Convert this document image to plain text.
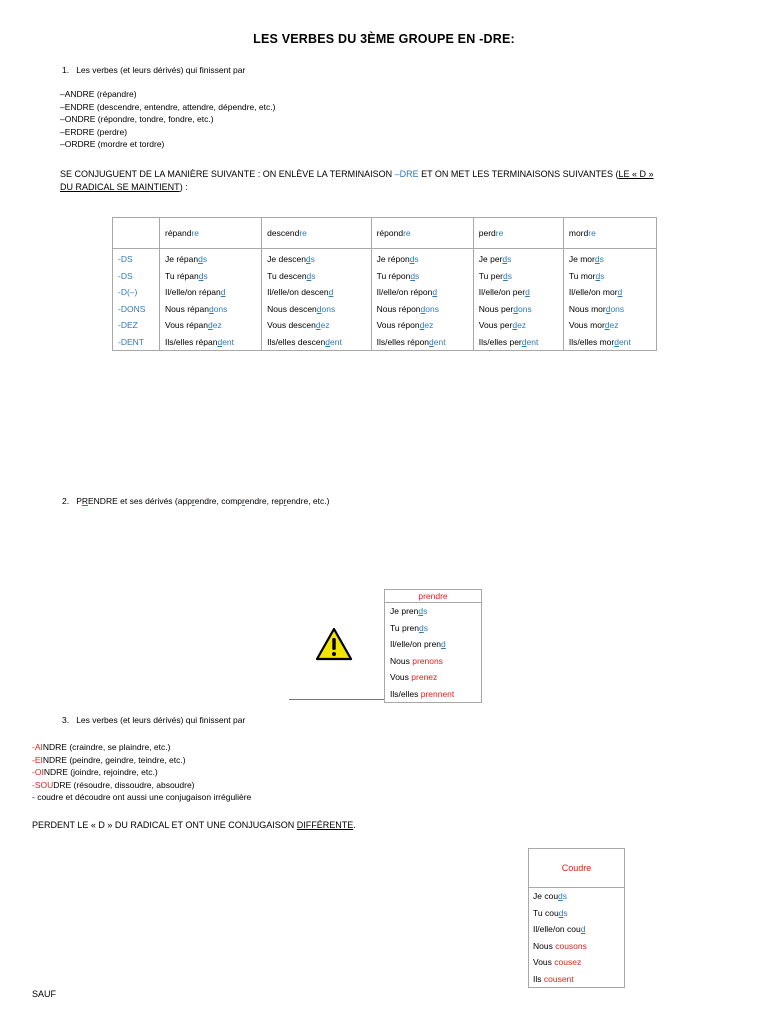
LES VERBES DU 3ÈME GROUPE EN -DRE:
1. Les verbes (et leurs dérivés) qui finissent par
–ANDRE (répandre)
–ENDRE (descendre, entendre, attendre, dépendre, etc.)
–ONDRE (répondre, tondre, fondre, etc.)
–ERDRE (perdre)
–ORDRE (mordre et tordre)
SE CONJUGUENT DE LA MANIÈRE SUIVANTE : ON ENLÈVE LA TERMINAISON –DRE ET ON MET LES TERMINAISONS SUIVANTES (LE « D »
DU RADICAL SE MAINTIENT) :
	répandre	descendre	répondre	perdre	mordre
-DS	Je répands	Je descends	Je réponds	Je perds	Je mords
-DS	Tu répands	Tu descends	Tu réponds	Tu perds	Tu mords
-D(–)	Il/elle/on répand	Il/elle/on descend	Il/elle/on répond	Il/elle/on perd	Il/elle/on mord
-DONS	Nous répandons	Nous descendons	Nous répondons	Nous perdons	Nous mordons
-DEZ	Vous répandez	Vous descendez	Vous répondez	Vous perdez	Vous mordez
-DENT	Ils/elles répandent	Ils/elles descendent	Ils/elles répondent	Ils/elles perdent	Ils/elles mordent
2. PRENDRE et ses dérivés (apprendre, comprendre, reprendre, etc.)
prendre
Je prends
Tu prends
Il/elle/on prend
Nous prenons
Vous prenez
Ils/elles prennent
3. Les verbes (et leurs dérivés) qui finissent par
-AINDRE (craindre, se plaindre, etc.)
-EINDRE (peindre, geindre, teindre, etc.)
-OINDRE (joindre, rejoindre, etc.)
-SOUDRE (résoudre, dissoudre, absoudre)
- coudre et découdre ont aussi une conjugaison irrégulière
PERDENT LE « D » DU RADICAL ET ONT UNE CONJUGAISON DIFFÉRENTE.
Coudre
Je couds
Tu couds
Il/elle/on coud
Nous cousons
Vous cousez
Ils cousent
SAUF
